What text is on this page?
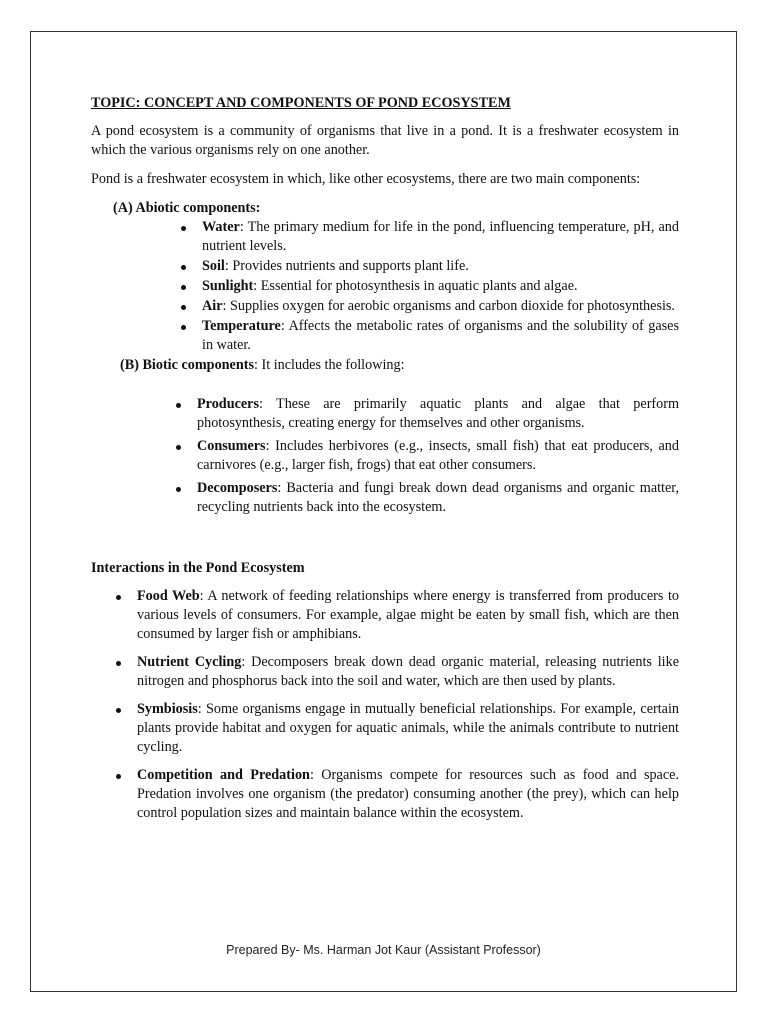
TOPIC: CONCEPT AND COMPONENTS OF POND ECOSYSTEM

A pond ecosystem is a community of organisms that live in a pond. It is a freshwater ecosystem in which the various organisms rely on one another.

Pond is a freshwater ecosystem in which, like other ecosystems, there are two main components:

(A) Abiotic components:
Water: The primary medium for life in the pond, influencing temperature, pH, and nutrient levels.
Soil: Provides nutrients and supports plant life.
Sunlight: Essential for photosynthesis in aquatic plants and algae.
Air: Supplies oxygen for aerobic organisms and carbon dioxide for photosynthesis.
Temperature: Affects the metabolic rates of organisms and the solubility of gases in water.
(B) Biotic components: It includes the following:
Producers: These are primarily aquatic plants and algae that perform photosynthesis, creating energy for themselves and other organisms.
Consumers: Includes herbivores (e.g., insects, small fish) that eat producers, and carnivores (e.g., larger fish, frogs) that eat other consumers.
Decomposers: Bacteria and fungi break down dead organisms and organic matter, recycling nutrients back into the ecosystem.
Interactions in the Pond Ecosystem
Food Web: A network of feeding relationships where energy is transferred from producers to various levels of consumers. For example, algae might be eaten by small fish, which are then consumed by larger fish or amphibians.
Nutrient Cycling: Decomposers break down dead organic material, releasing nutrients like nitrogen and phosphorus back into the soil and water, which are then used by plants.
Symbiosis: Some organisms engage in mutually beneficial relationships. For example, certain plants provide habitat and oxygen for aquatic animals, while the animals contribute to nutrient cycling.
Competition and Predation: Organisms compete for resources such as food and space. Predation involves one organism (the predator) consuming another (the prey), which can help control population sizes and maintain balance within the ecosystem.
Prepared By- Ms. Harman Jot Kaur (Assistant Professor)
